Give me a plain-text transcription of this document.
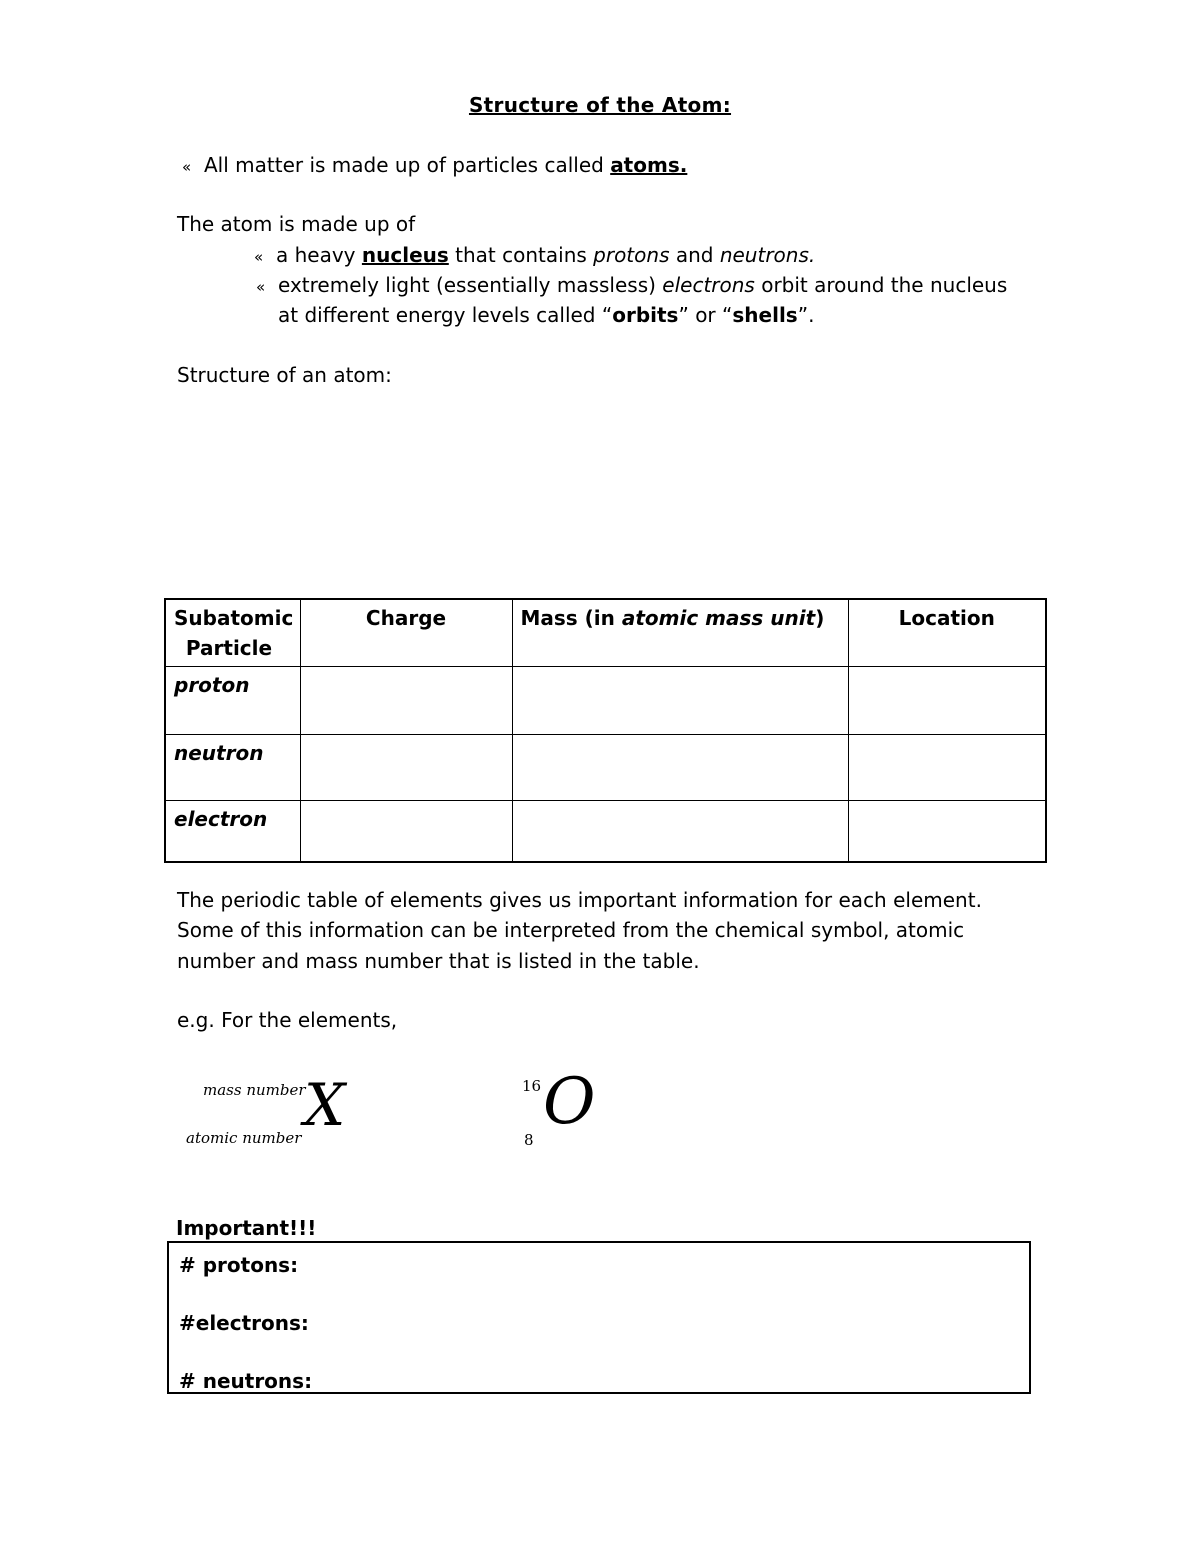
Structure of the Atom:
« All matter is made up of particles called atoms.
The atom is made up of
« a heavy nucleus that contains protons and neutrons.
« extremely light (essentially massless) electrons orbit around the nucleus
at different energy levels called “orbits” or “shells”.
Structure of an atom:
Subatomic Particle	Charge	Mass (in atomic mass unit)	Location
proton			
neutron			
electron			
The periodic table of elements gives us important information for each element.
Some of this information can be interpreted from the chemical symbol, atomic
number and mass number that is listed in the table.
e.g. For the elements,
mass number
atomic number X	16
8
O
Important!!!
# protons:
#electrons:
# neutrons:
